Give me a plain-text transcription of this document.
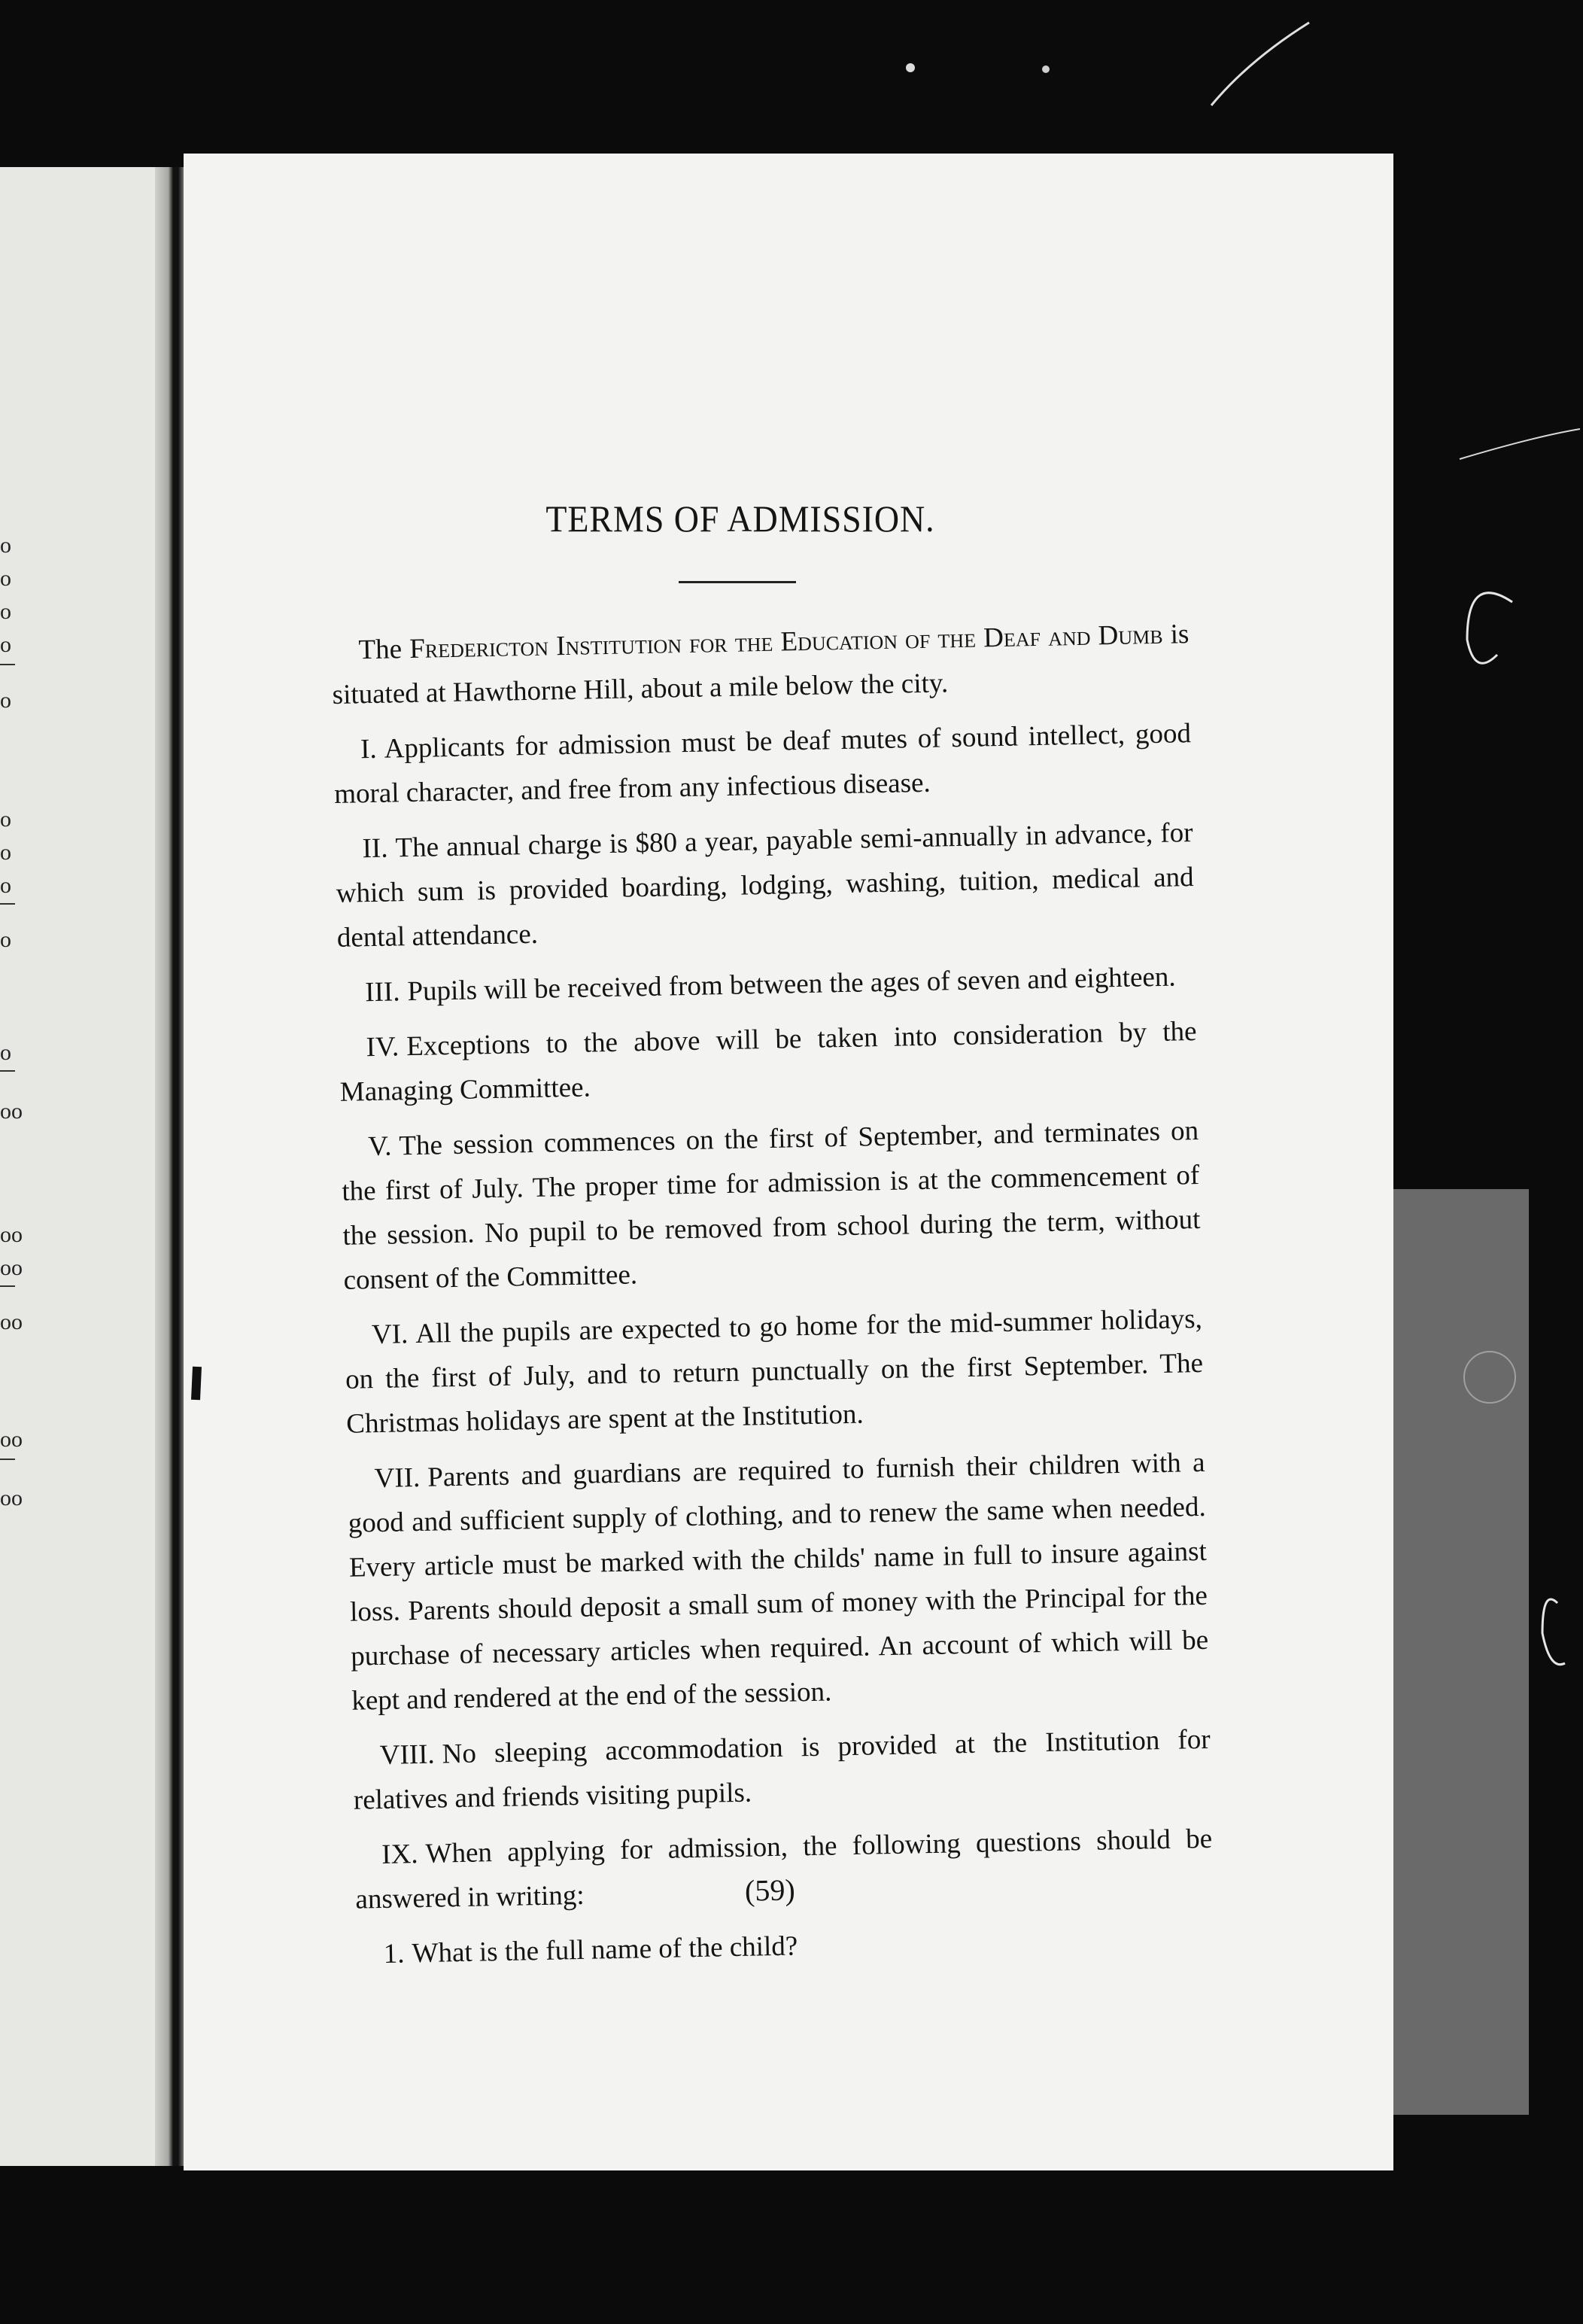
o
o
o
o
o
o
o
o
o
o
oo
oo
oo
oo
oo
oo
TERMS OF ADMISSION.

The Fredericton Institution for the Education of the Deaf and Dumb is situated at Hawthorne Hill, about a mile below the city.

I. Applicants for admission must be deaf mutes of sound intellect, good moral character, and free from any infectious disease.

II. The annual charge is $80 a year, payable semi-annually in advance, for which sum is provided boarding, lodging, washing, tuition, medical and dental attendance.

III. Pupils will be received from between the ages of seven and eighteen.

IV. Exceptions to the above will be taken into consideration by the Managing Committee.

V. The session commences on the first of September, and terminates on the first of July. The proper time for admission is at the commencement of the session. No pupil to be removed from school during the term, without consent of the Committee.

VI. All the pupils are expected to go home for the mid-summer holidays, on the first of July, and to return punctually on the first September. The Christmas holidays are spent at the Institution.

VII. Parents and guardians are required to furnish their children with a good and sufficient supply of clothing, and to renew the same when needed. Every article must be marked with the childs' name in full to insure against loss. Parents should deposit a small sum of money with the Principal for the purchase of necessary articles when required. An account of which will be kept and rendered at the end of the session.

VIII. No sleeping accommodation is provided at the Institution for relatives and friends visiting pupils.

IX. When applying for admission, the following questions should be answered in writing:

1. What is the full name of the child?

(59)
